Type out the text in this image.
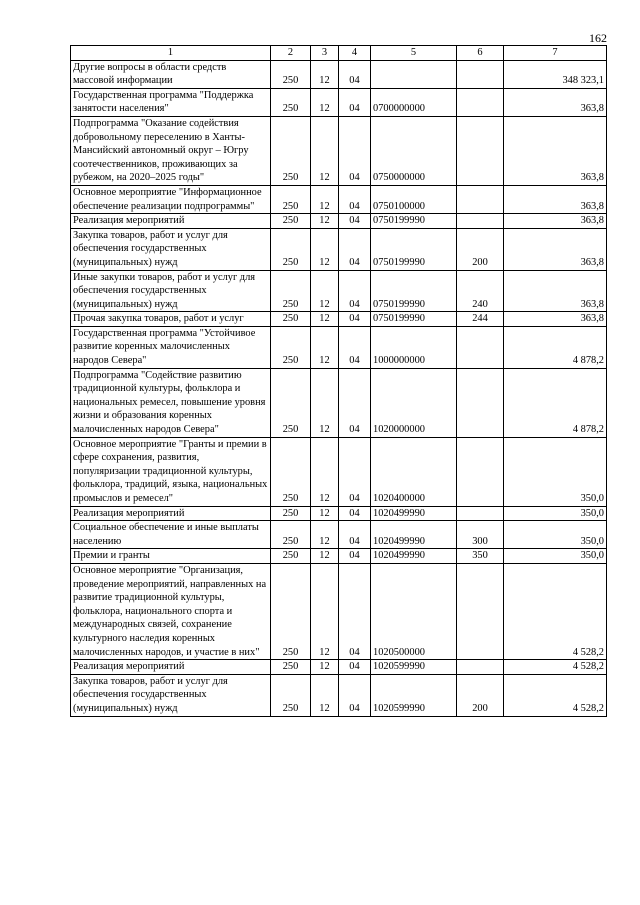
162
1	2	3	4	5	6	7
Другие вопросы в области средств массовой информации	250	12	04			348 323,1
Государственная программа "Поддержка занятости населения"	250	12	04	0700000000		363,8
Подпрограмма "Оказание содействия добровольному переселению в Ханты-Мансийский автономный округ – Югру соотечественников, проживающих за рубежом, на 2020–2025 годы"	250	12	04	0750000000		363,8
Основное мероприятие "Информационное обеспечение реализации подпрограммы"	250	12	04	0750100000		363,8
Реализация мероприятий	250	12	04	0750199990		363,8
Закупка товаров, работ и услуг для обеспечения государственных (муниципальных) нужд	250	12	04	0750199990	200	363,8
Иные закупки товаров, работ и услуг для обеспечения государственных (муниципальных) нужд	250	12	04	0750199990	240	363,8
Прочая закупка товаров, работ и услуг	250	12	04	0750199990	244	363,8
Государственная программа "Устойчивое развитие коренных малочисленных народов Севера"	250	12	04	1000000000		4 878,2
Подпрограмма "Содействие развитию традиционной культуры, фольклора и национальных ремесел, повышение уровня жизни и образования коренных малочисленных народов Севера"	250	12	04	1020000000		4 878,2
Основное мероприятие "Гранты и премии в сфере сохранения, развития, популяризации традиционной культуры, фольклора, традиций, языка, национальных промыслов и ремесел"	250	12	04	1020400000		350,0
Реализация мероприятий	250	12	04	1020499990		350,0
Социальное обеспечение и иные выплаты населению	250	12	04	1020499990	300	350,0
Премии и гранты	250	12	04	1020499990	350	350,0
Основное мероприятие "Организация, проведение мероприятий, направленных на развитие традиционной культуры, фольклора, национального спорта и международных связей, сохранение культурного наследия коренных малочисленных народов, и участие в них"	250	12	04	1020500000		4 528,2
Реализация мероприятий	250	12	04	1020599990		4 528,2
Закупка товаров, работ и услуг для обеспечения государственных (муниципальных) нужд	250	12	04	1020599990	200	4 528,2
